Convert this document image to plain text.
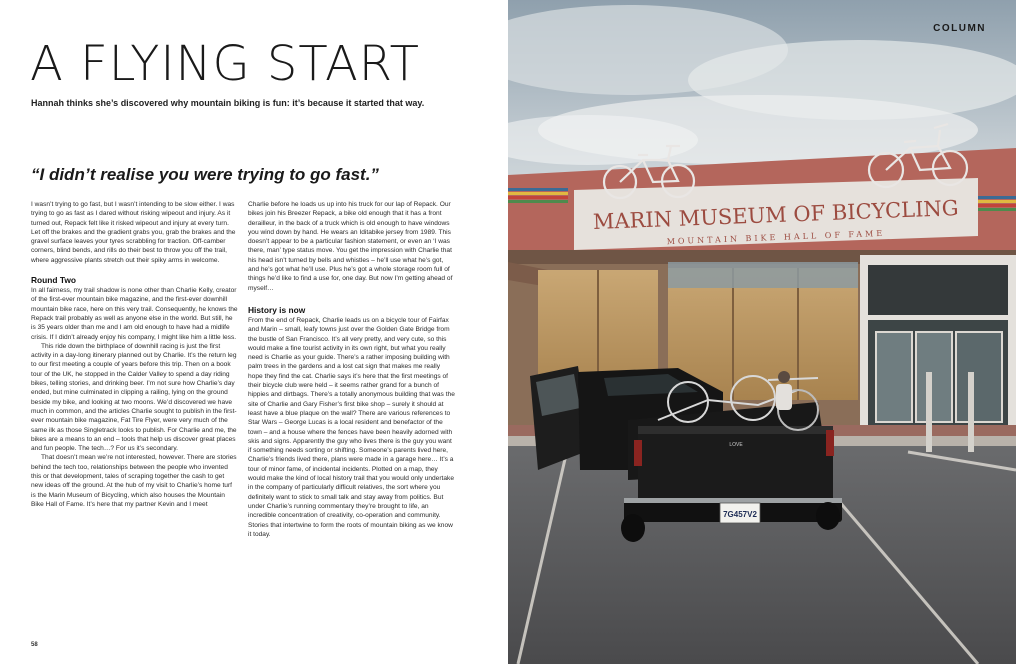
A FLYING START
Hannah thinks she’s discovered why mountain biking is fun: it’s because it started that way.
“I didn’t realise you were trying to go fast.”

I wasn’t trying to go fast, but I wasn’t intending to be slow either. I was trying to go as fast as I dared without risking wipeout and injury. As it turned out, Repack felt like it risked wipeout and injury at every turn. Let off the brakes and the gradient grabs you, grab the brakes and the gravel surface leaves your tyres scrabbling for traction. Off-camber corners, blind bends, and rills do their best to throw you off the trail, where aggressive plants stretch out their spiky arms in welcome.

Round Two

In all fairness, my trail shadow is none other than Charlie Kelly, creator of the first-ever mountain bike magazine, and the first-ever downhill mountain bike race, here on this very trail. Consequently, he knows the Repack trail probably as well as anyone else in the world. But still, he is 35 years older than me and I am old enough to have had a midlife crisis. If I didn’t already enjoy his company, I might like him a little less.

This ride down the birthplace of downhill racing is just the first activity in a day-long itinerary planned out by Charlie. It’s the return leg to our first meeting a couple of years before this trip. Then on a book tour of the UK, he stopped in the Calder Valley to spend a day riding bikes, telling stories, and drinking beer. I’m not sure how Charlie’s day ended, but mine culminated in clipping a railing, lying on the ground beside my bike, and looking at two moons. We’d discovered we have much in common, and the articles Charlie sought to publish in the first-ever mountain bike magazine, Fat Tire Flyer, were very much of the same ilk as those Singletrack looks to publish. For Charlie and me, the bikes are a means to an end – tools that help us discover great places and fun people. The tech…? For us it’s secondary.

That doesn’t mean we’re not interested, however. There are stories behind the tech too, relationships between the people who invented this or that development, tales of scraping together the cash to get new ideas off the ground. At the hub of my visit to Charlie’s home turf is the Marin Museum of Bicycling, which also houses the Mountain Bike Hall of Fame. It’s here that my partner Kevin and I meet

Charlie before he loads us up into his truck for our lap of Repack. Our bikes join his Breezer Repack, a bike old enough that it has a front derailleur, in the back of a truck which is old enough to have windows you wind down by hand. He wears an Iditabike jersey from 1989. This doesn’t appear to be a particular fashion statement, or even an ‘I was there, man’ type status move. You get the impression with Charlie that his head isn’t turned by bells and whistles – he’ll use what he’s got, and he’s got what he’ll use. Plus he’s got a whole storage room full of things he’d like to find a use for, one day. But now I’m getting ahead of myself…

History is now

From the end of Repack, Charlie leads us on a bicycle tour of Fairfax and Marin – small, leafy towns just over the Golden Gate Bridge from the bustle of San Francisco. It’s all very pretty, and very cute, so this would make a fine tourist activity in its own right, but what you really need is Charlie as your guide. There’s a rather imposing building with palm trees in the gardens and a lost cat sign that makes me really hope they find the cat. Charlie says it’s here that the first meetings of their bicycle club were held – it seems rather grand for a bunch of hippies and dirtbags. There’s a totally anonymous building that was the site of Charlie and Gary Fisher’s first bike shop – surely it should at least have a blue plaque on the wall? There are various references to Star Wars – George Lucas is a local resident and benefactor of the town – and a house where the fences have been heavily adorned with skis and signs. Apparently the guy who lives there is the guy you want if something needs sorting or shifting. Someone’s parents lived here, Charlie’s friends lived there, plans were made in a garage here… It’s a tour of minor fame, of incidental incidents. Plotted on a map, they would make the kind of local history trail that you would only undertake in the company of particularly difficult relatives, the sort where you definitely want to stick to small talk and stay away from politics. But under Charlie’s running commentary they’re brought to life, an incredible concentration of creativity, co-operation and community. Stories that intertwine to form the roots of mountain biking as we know it today.

58
MARIN MUSEUM OF BICYCLING
MOUNTAIN BIKE HALL OF FAME
LOVE
7G457V2
COLUMN
